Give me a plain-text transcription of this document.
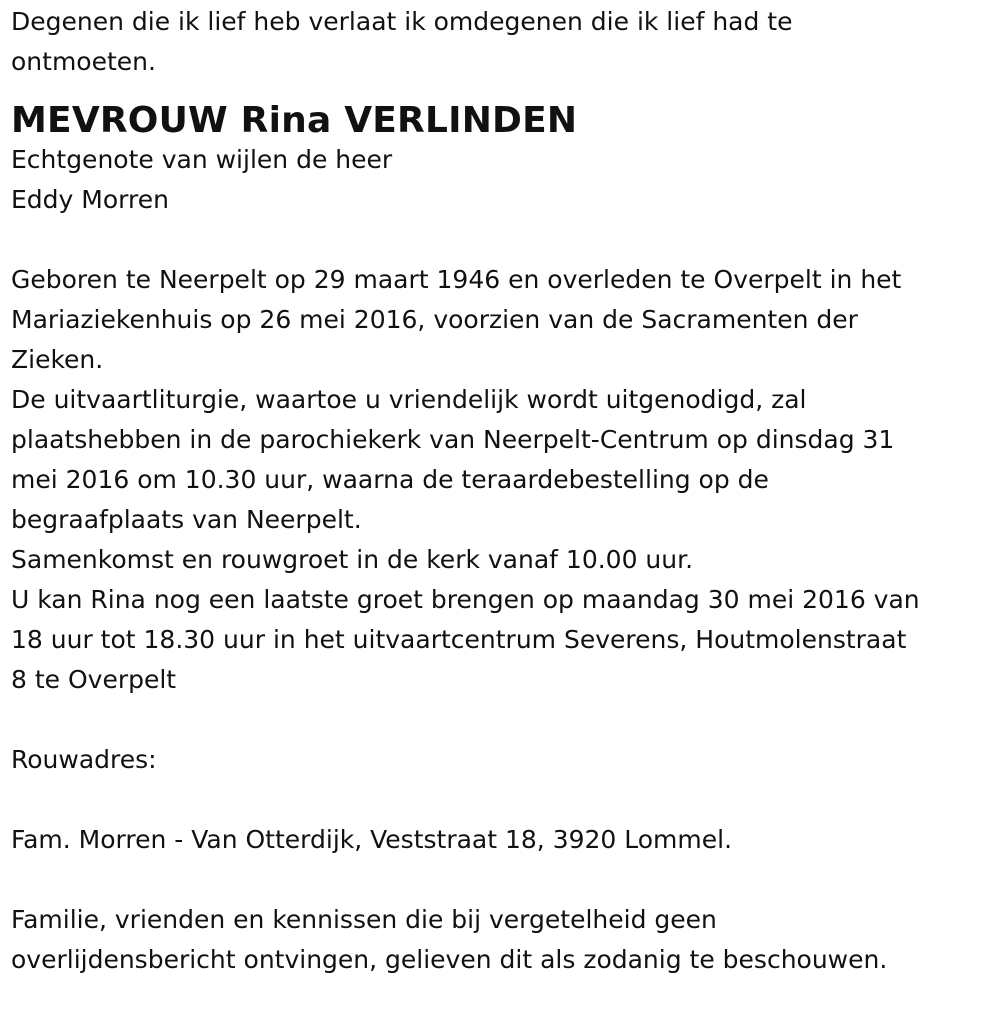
Degenen die ik lief heb verlaat ik omdegenen die ik lief had te
ontmoeten.
MEVROUW Rina VERLINDEN
Echtgenote van wijlen de heer
Eddy Morren
Geboren te Neerpelt op 29 maart 1946 en overleden te Overpelt in het
Mariaziekenhuis op 26 mei 2016, voorzien van de Sacramenten der
Zieken.
De uitvaartliturgie, waartoe u vriendelijk wordt uitgenodigd, zal
plaatshebben in de parochiekerk van Neerpelt-Centrum op dinsdag 31
mei 2016 om 10.30 uur, waarna de teraardebestelling op de
begraafplaats van Neerpelt.
Samenkomst en rouwgroet in de kerk vanaf 10.00 uur.
U kan Rina nog een laatste groet brengen op maandag 30 mei 2016 van
18 uur tot 18.30 uur in het uitvaartcentrum Severens, Houtmolenstraat
8 te Overpelt
Rouwadres:
Fam. Morren - Van Otterdijk, Veststraat 18, 3920 Lommel.
Familie, vrienden en kennissen die bij vergetelheid geen
overlijdensbericht ontvingen, gelieven dit als zodanig te beschouwen.
